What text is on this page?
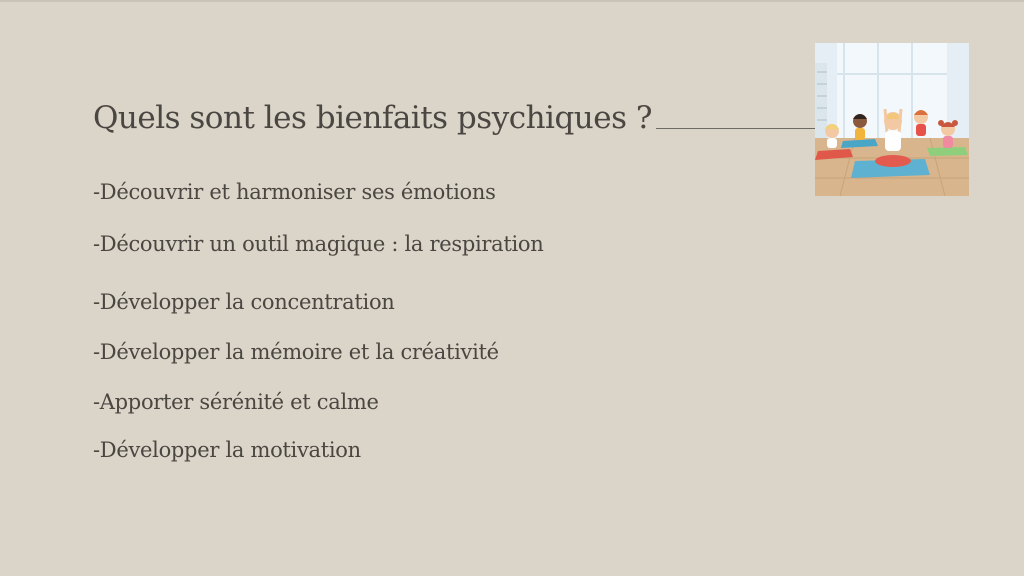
Quels sont les bienfaits psychiques ?
-Découvrir et harmoniser ses émotions
-Découvrir un outil magique : la respiration
-Développer la concentration
-Développer la mémoire et la créativité
-Apporter sérénité et calme
-Développer la motivation
